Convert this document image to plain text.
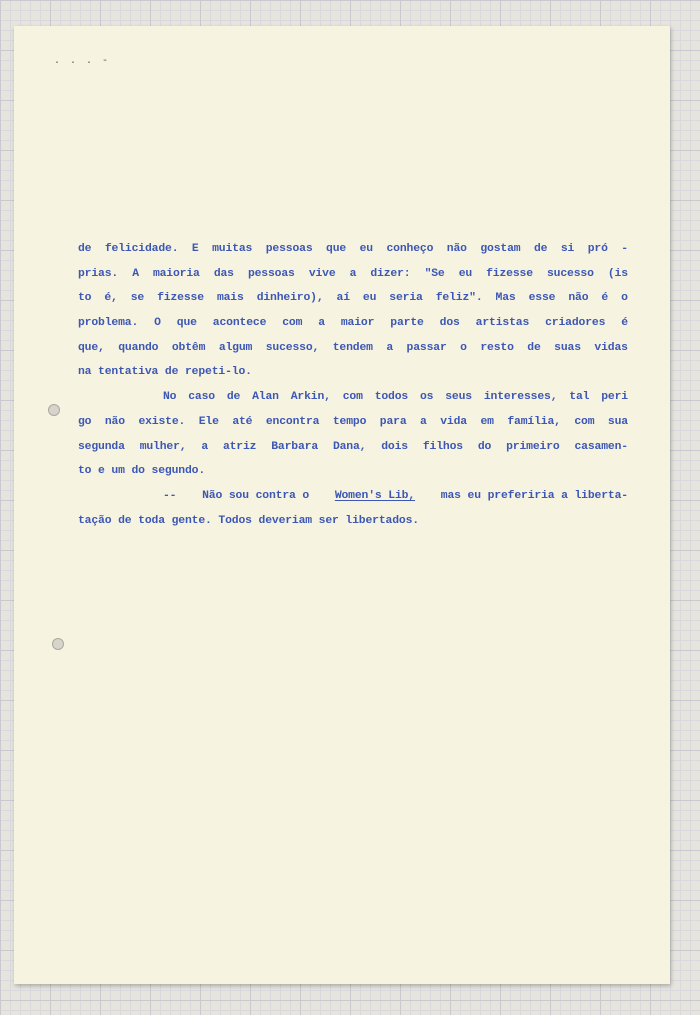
. . . -
de felicidade. E muitas pessoas que eu conheço não gostam de si pró -
prias. A maioria das pessoas vive a dizer: "Se eu fizesse sucesso (is
to é, se fizesse mais dinheiro), aí eu seria feliz". Mas esse não é o
problema. O que acontece com a maior parte dos artistas criadores é
que, quando obtêm algum sucesso, tendem a passar o resto de suas vidas
na tentativa de repeti-lo.
No caso de Alan Arkin, com todos os seus interesses, tal peri
go não existe. Ele até encontra tempo para a vida em família, com sua
segunda mulher, a atriz Barbara Dana, dois filhos do primeiro casamen-
to e um do segundo.
-- Não sou contra o Women's Lib, mas eu preferiria a liberta-
tação de toda gente. Todos deveriam ser libertados.
